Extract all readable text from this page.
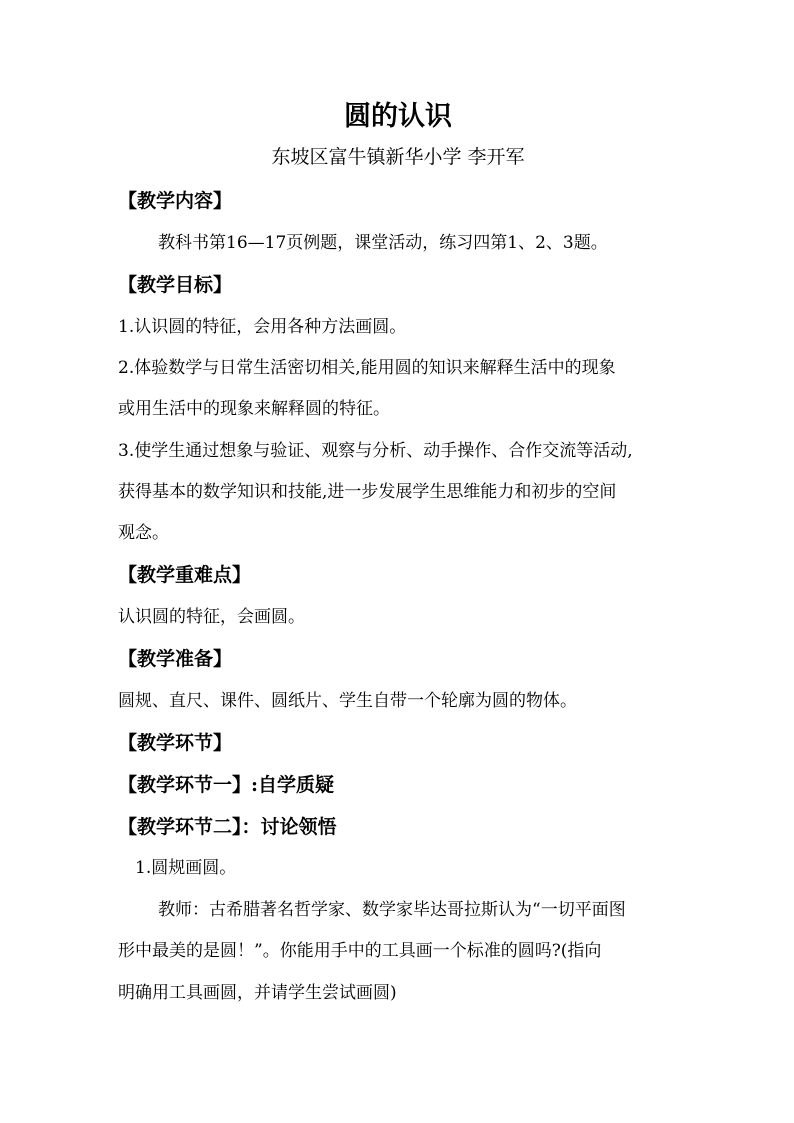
圆的认识
东坡区富牛镇新华小学 李开军
【教学内容】
教科书第16—17页例题，课堂活动，练习四第1、2、3题。
【教学目标】
1.认识圆的特征，会用各种方法画圆。
2.体验数学与日常生活密切相关,能用圆的知识来解释生活中的现象
或用生活中的现象来解释圆的特征。
3.使学生通过想象与验证、观察与分析、动手操作、合作交流等活动,
获得基本的数学知识和技能,进一步发展学生思维能力和初步的空间
观念。
【教学重难点】
认识圆的特征，会画圆。
【教学准备】
圆规、直尺、课件、圆纸片、学生自带一个轮廓为圆的物体。
【教学环节】
【教学环节一】:自学质疑
【教学环节二】：讨论领悟
1.圆规画圆。
教师：古希腊著名哲学家、数学家毕达哥拉斯认为“一切平面图
形中最美的是圆！”。你能用手中的工具画一个标准的圆吗?(指向
明确用工具画圆，并请学生尝试画圆)
